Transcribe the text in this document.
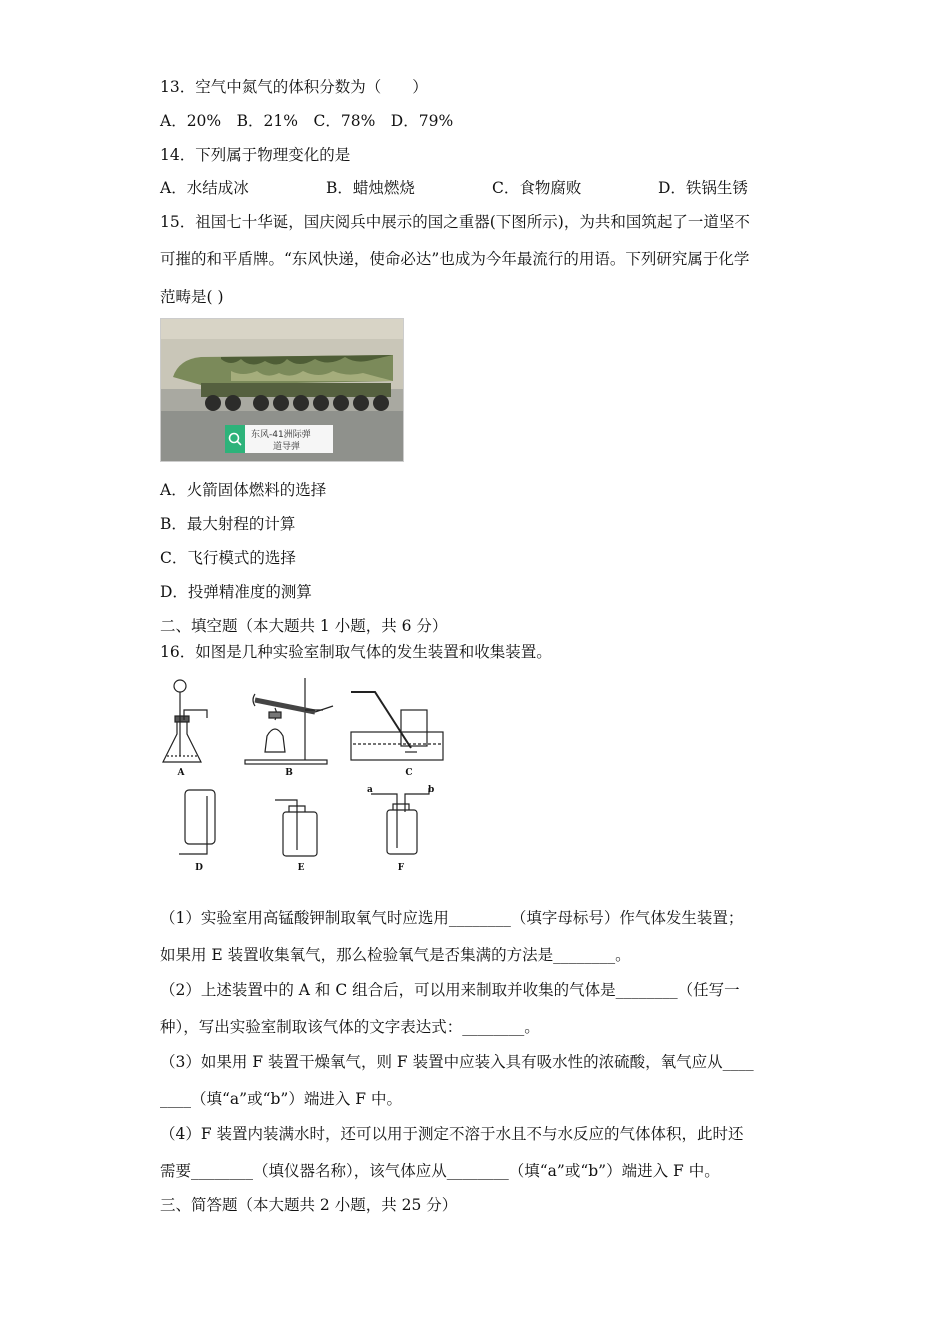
13．空气中氮气的体积分数为（　　）
A．20%　B．21%　C．78%　D．79%
14．下列属于物理变化的是
A．水结成冰	B．蜡烛燃烧	C．食物腐败	D．铁锅生锈
15．祖国七十华诞，国庆阅兵中展示的国之重器(下图所示)，为共和国筑起了一道坚不
可摧的和平盾牌。“东风快递，使命必达”也成为今年最流行的用语。下列研究属于化学
范畴是( )
东风-41洲际弹
道导弹
A．火箭固体燃料的选择
B．最大射程的计算
C．飞行模式的选择
D．投弹精准度的测算
二、填空题（本大题共 1 小题，共 6 分）
16．如图是几种实验室制取气体的发生装置和收集装置。
A	B	C
D	E	F
a	b
（1）实验室用高锰酸钾制取氧气时应选用________（填字母标号）作气体发生装置；
如果用 E 装置收集氧气，那么检验氧气是否集满的方法是________。
（2）上述装置中的 A 和 C 组合后，可以用来制取并收集的气体是________（任写一
种），写出实验室制取该气体的文字表达式：________。
（3）如果用 F 装置干燥氧气，则 F 装置中应装入具有吸水性的浓硫酸，氧气应从____
____（填“a”或“b”）端进入 F 中。
（4）F 装置内装满水时，还可以用于测定不溶于水且不与水反应的气体体积，此时还
需要________（填仪器名称），该气体应从________（填“a”或“b”）端进入 F 中。
三、简答题（本大题共 2 小题，共 25 分）
